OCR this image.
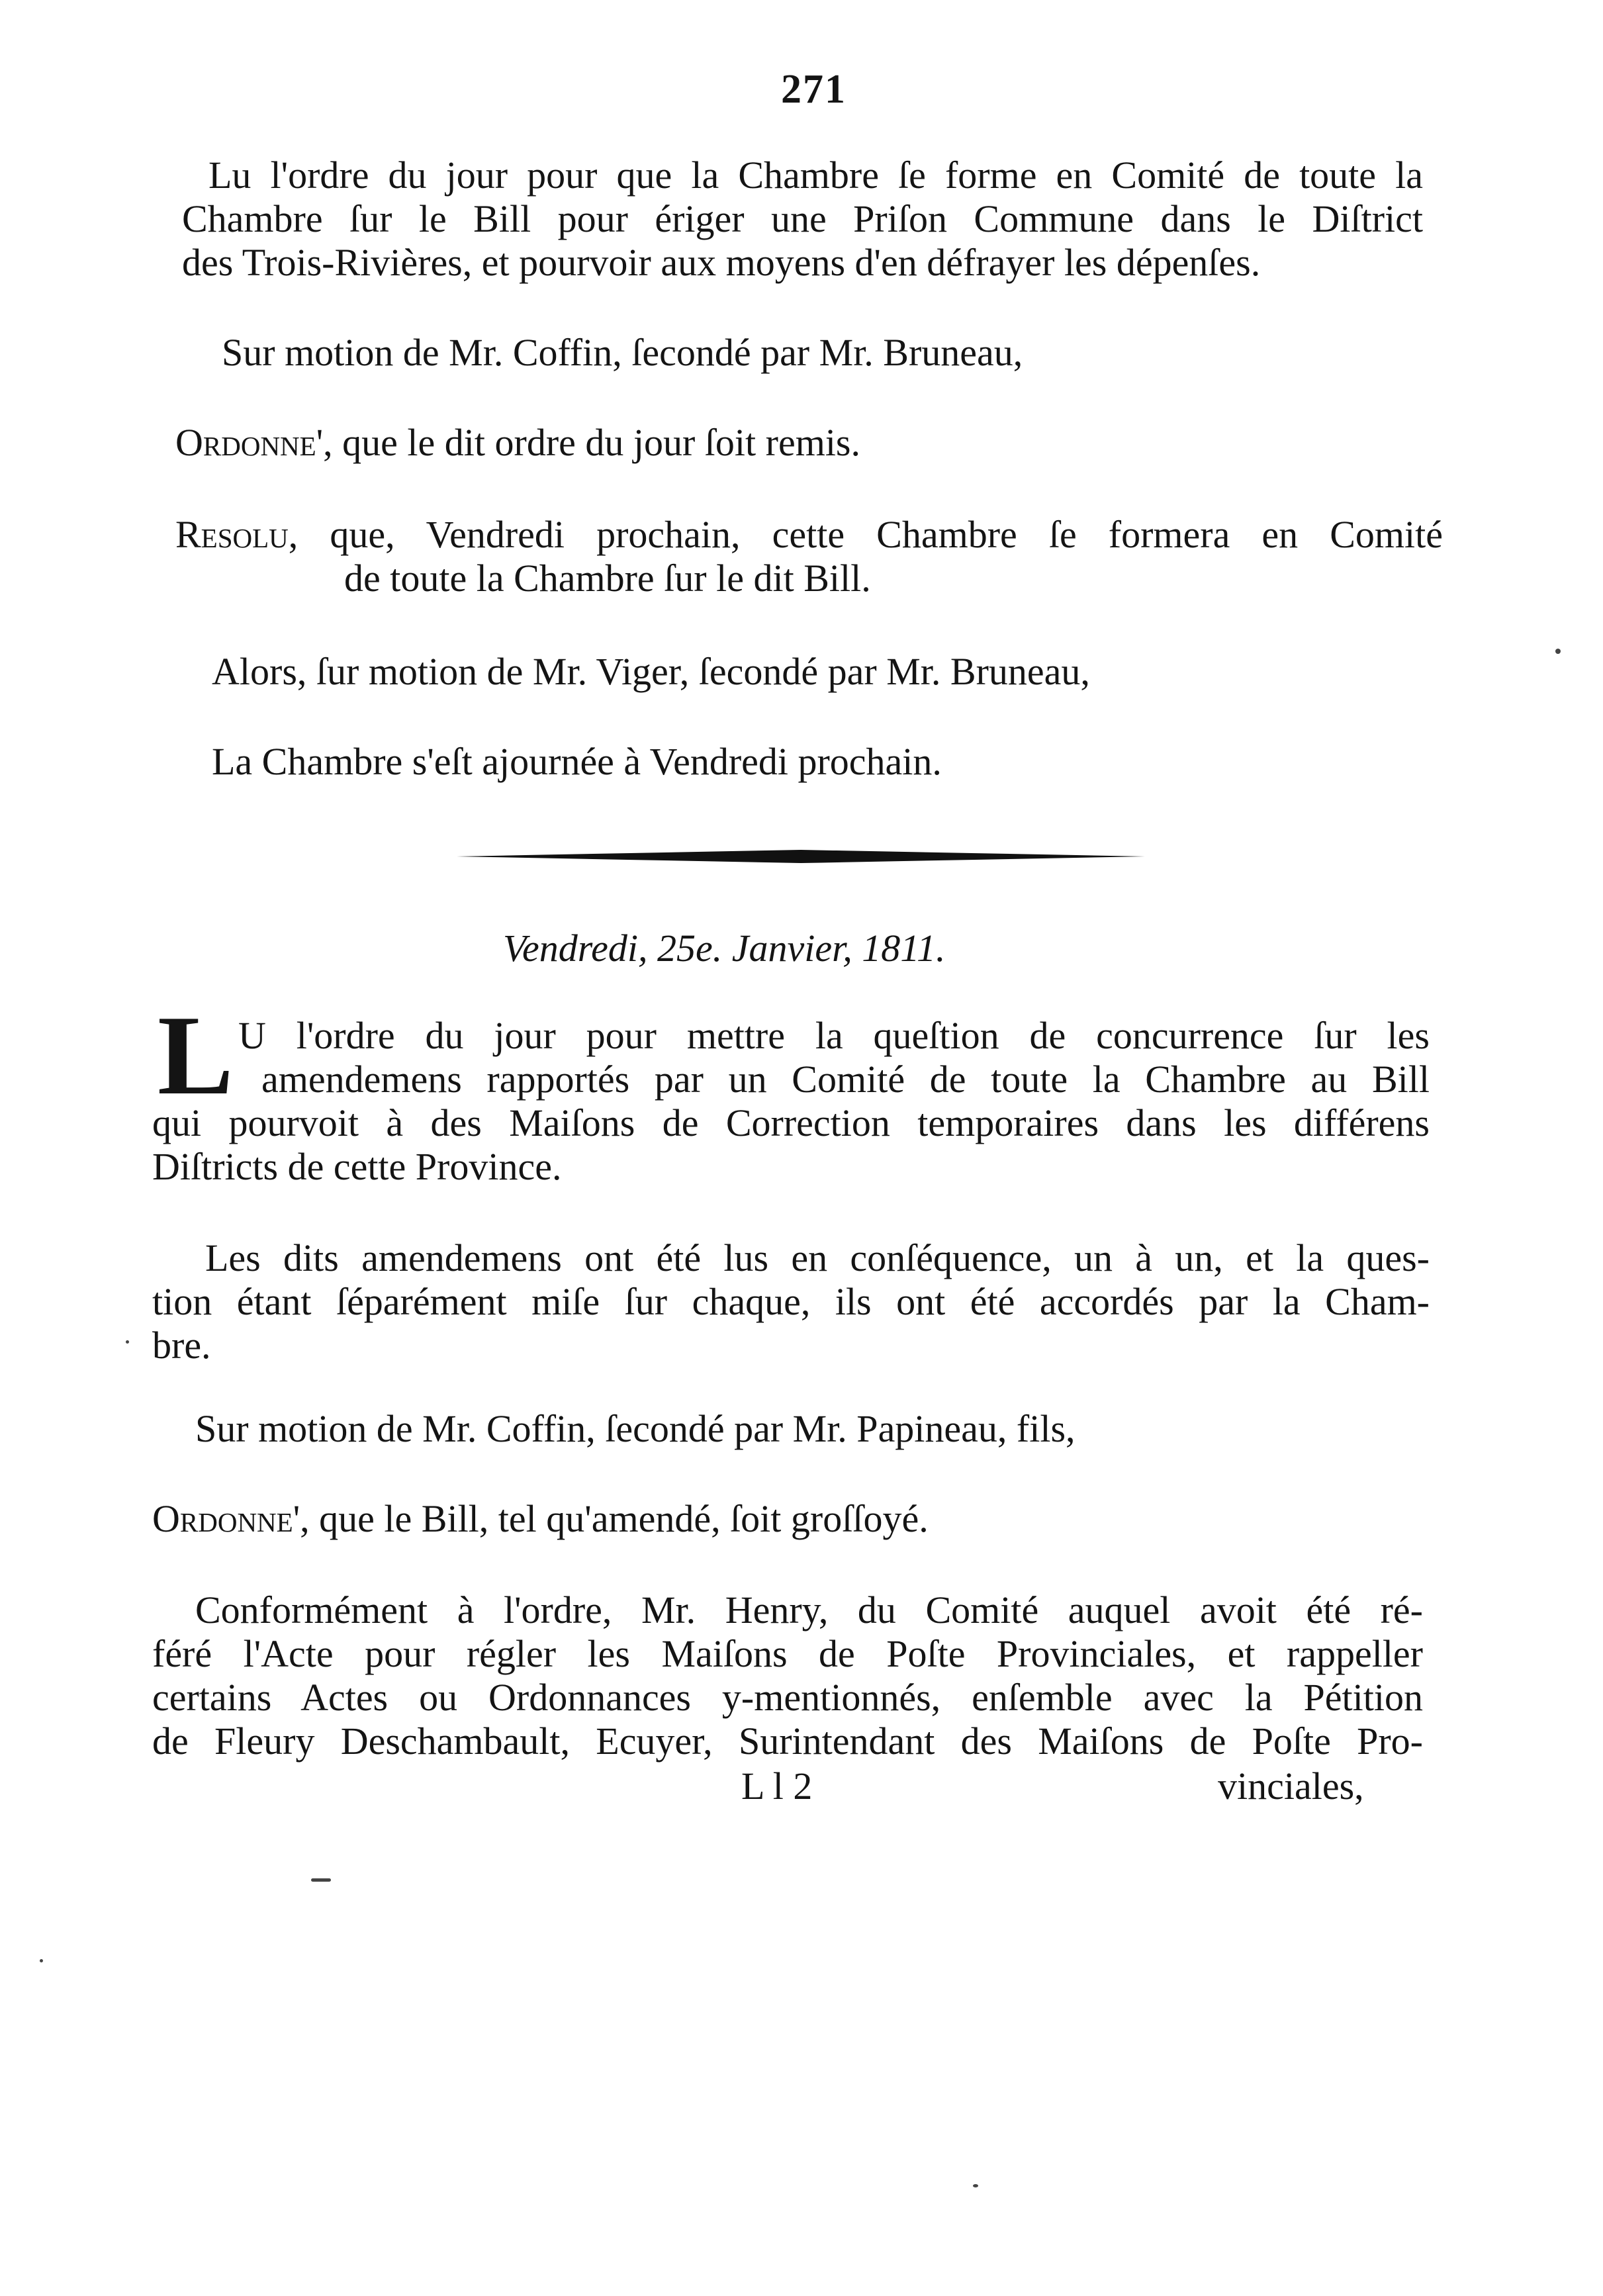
271
Lu l'ordre du jour pour que la Chambre ſe forme en Comité de toute la
Chambre ſur le Bill pour ériger une Priſon Commune dans le Diſtrict
des Trois-Rivières, et pourvoir aux moyens d'en défrayer les dépenſes.
Sur motion de Mr. Coffin, ſecondé par Mr. Bruneau,
Ordonne', que le dit ordre du jour ſoit remis.
Resolu, que, Vendredi prochain, cette Chambre ſe formera en Comité
de toute la Chambre ſur le dit Bill.
Alors, ſur motion de Mr. Viger, ſecondé par Mr. Bruneau,
La Chambre s'eſt ajournée à Vendredi prochain.
Vendredi, 25e. Janvier, 1811.
L U l'ordre du jour pour mettre la queſtion de concurrence ſur les
amendemens rapportés par un Comité de toute la Chambre au Bill
qui pourvoit à des Maiſons de Correction temporaires dans les différens
Diſtricts de cette Province.
Les dits amendemens ont été lus en conſéquence, un à un, et la ques-
tion étant ſéparément miſe ſur chaque, ils ont été accordés par la Cham-
bre.
Sur motion de Mr. Coffin, ſecondé par Mr. Papineau, fils,
Ordonne', que le Bill, tel qu'amendé, ſoit groſſoyé.
Conformément à l'ordre, Mr. Henry, du Comité auquel avoit été ré-
féré l'Acte pour régler les Maiſons de Poſte Provinciales, et rappeller
certains Actes ou Ordonnances y-mentionnés, enſemble avec la Pétition
de Fleury Deschambault, Ecuyer, Surintendant des Maiſons de Poſte Pro-
L l 2	vinciales,
